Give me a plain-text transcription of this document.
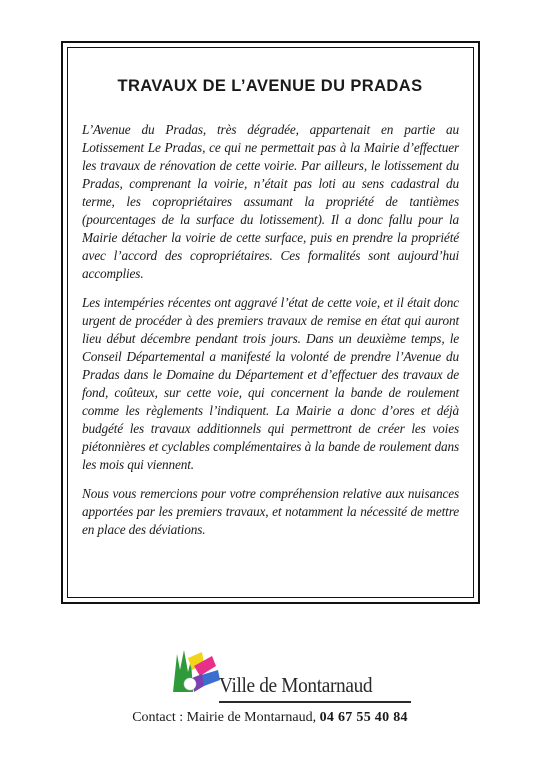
TRAVAUX DE L’AVENUE DU PRADAS

L’Avenue du Pradas, très dégradée, appartenait en partie au Lotissement Le Pradas, ce qui ne permettait pas à la Mairie d’effectuer les travaux de rénovation de cette voirie. Par ailleurs, le lotissement du Pradas, comprenant la voirie, n’était pas loti au sens cadastral du terme, les copropriétaires assumant la propriété de tantièmes (pourcentages de la surface du lotissement). Il a donc fallu pour la Mairie détacher la voirie de cette surface, puis en prendre la propriété avec l’accord des copropriétaires. Ces formalités sont aujourd’hui accomplies.

Les intempéries récentes ont aggravé l’état de cette voie, et il était donc urgent de procéder à des premiers travaux de remise en état qui auront lieu début décembre pendant trois jours. Dans un deuxième temps, le Conseil Départemental a manifesté la volonté de prendre l’Avenue du Pradas dans le Domaine du Département et d’effectuer des travaux de fond, coûteux, sur cette voie, qui concernent la bande de roulement comme les règlements l’indiquent. La Mairie a donc d’ores et déjà budgété les travaux additionnels qui permettront de créer les voies piétonnières et cyclables complémentaires à la bande de roulement dans les mois qui viennent.

Nous vous remercions pour votre compréhension relative aux nuisances apportées par les premiers travaux, et notamment la nécessité de mettre en place des déviations.

Ville de Montarnaud
Contact : Mairie de Montarnaud, 04 67 55 40 84
